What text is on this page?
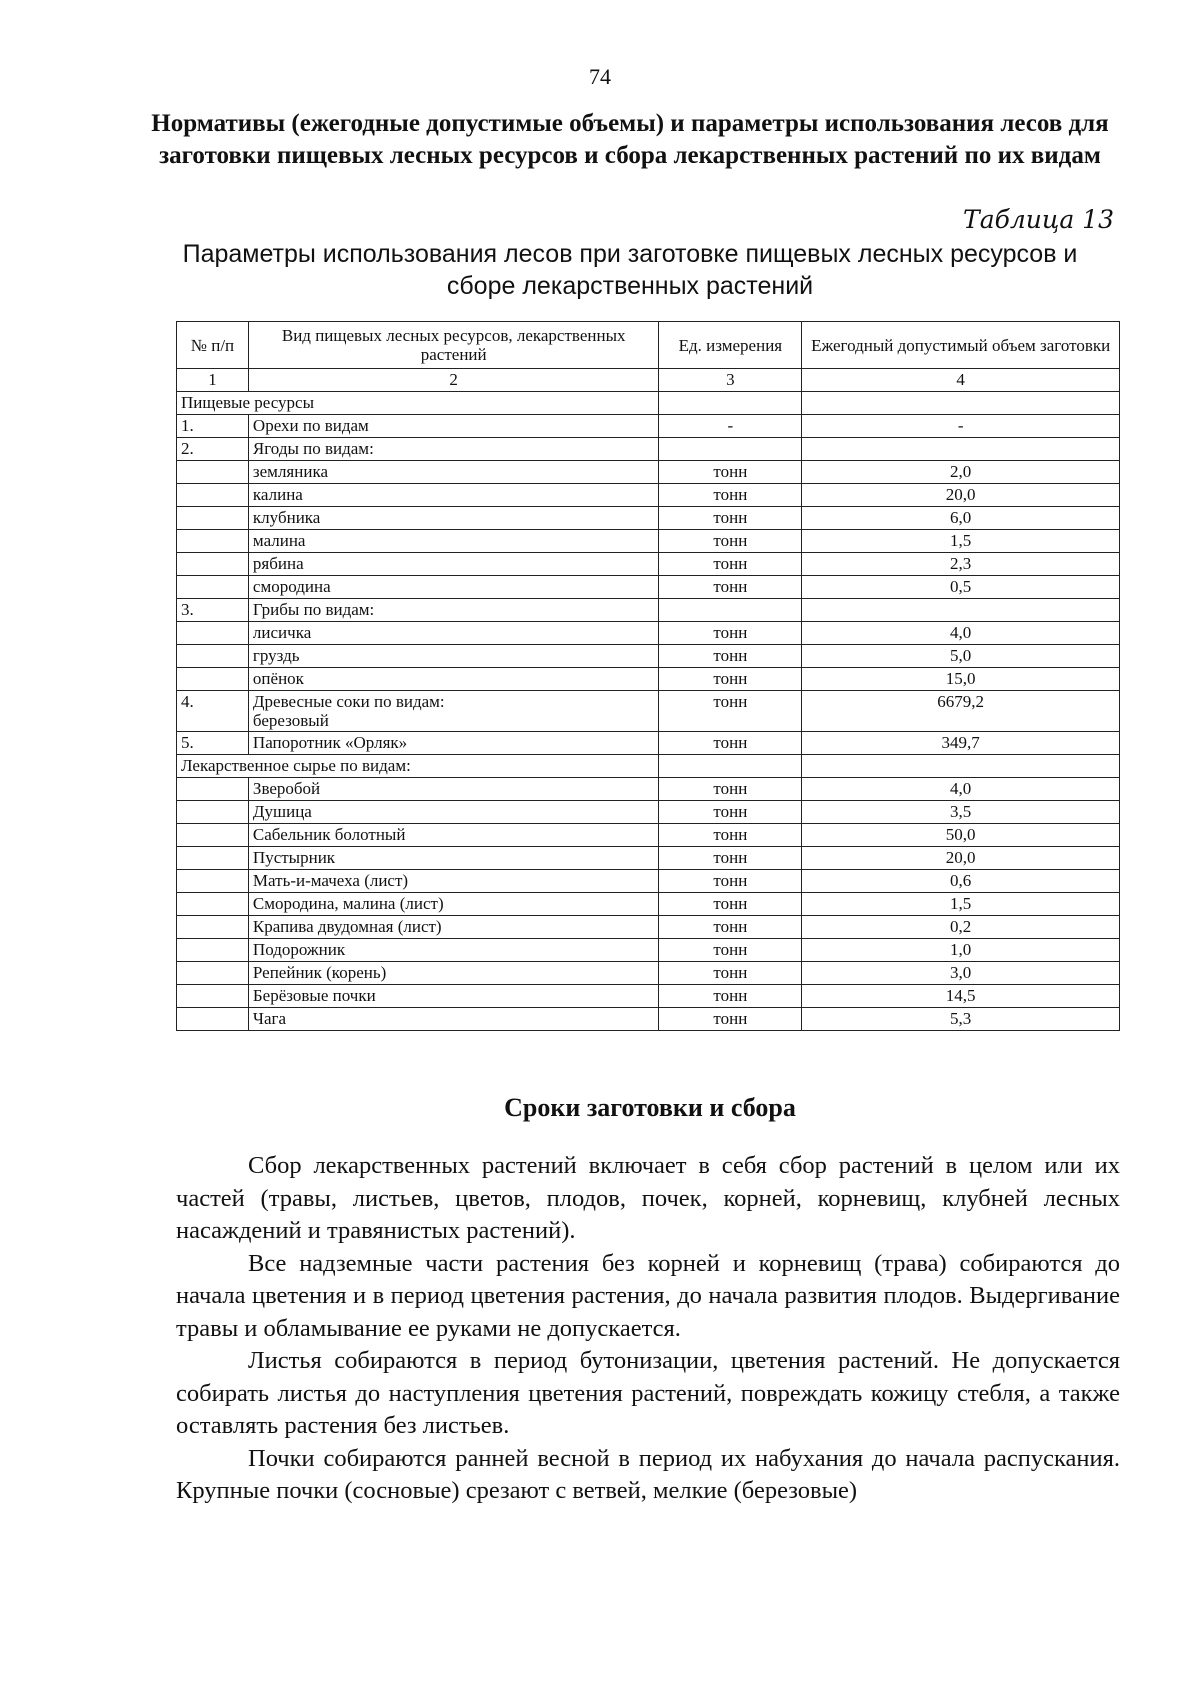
74
Нормативы (ежегодные допустимые объемы) и параметры использования лесов для заготовки пищевых лесных ресурсов и сбора лекарственных растений по их видам
Таблица 13
Параметры использования лесов при заготовке пищевых лесных ресурсов и сборе лекарственных растений
№ п/п	Вид пищевых лесных ресурсов, лекарственных растений	Ед. измерения	Ежегодный допустимый объем заготовки
1	2	3	4
Пищевые ресурсы			
1.	Орехи по видам	-	-
2.	Ягоды по видам:		

	земляника	тонн	2,0

	калина	тонн	20,0

	клубника	тонн	6,0

	малина	тонн	1,5

	рябина	тонн	2,3

	смородина	тонн	0,5
3.	Грибы по видам:		

	лисичка	тонн	4,0

	груздь	тонн	5,0

	опёнок	тонн	15,0
4.	Древесные соки по видам:
березовый	тонн	6679,2
5.	Папоротник «Орляк»	тонн	349,7
Лекарственное сырье по видам:			

	Зверобой	тонн	4,0

	Душица	тонн	3,5

	Сабельник болотный	тонн	50,0

	Пустырник	тонн	20,0

	Мать-и-мачеха (лист)	тонн	0,6

	Смородина, малина (лист)	тонн	1,5

	Крапива двудомная (лист)	тонн	0,2

	Подорожник	тонн	1,0

	Репейник (корень)	тонн	3,0

	Берёзовые почки	тонн	14,5

	Чага	тонн	5,3
Сроки заготовки и сбора

Сбор лекарственных растений включает в себя сбор растений в целом или их частей (травы, листьев, цветов, плодов, почек, корней, корневищ, клубней лесных насаждений и травянистых растений).

Все надземные части растения без корней и корневищ (трава) собираются до начала цветения и в период цветения растения, до начала развития плодов. Выдергивание травы и обламывание ее руками не допускается.

Листья собираются в период бутонизации, цветения растений. Не допускается собирать листья до наступления цветения растений, повреждать кожицу стебля, а также оставлять растения без листьев.

Почки собираются ранней весной в период их набухания до начала распускания. Крупные почки (сосновые) срезают с ветвей, мелкие (березовые)
